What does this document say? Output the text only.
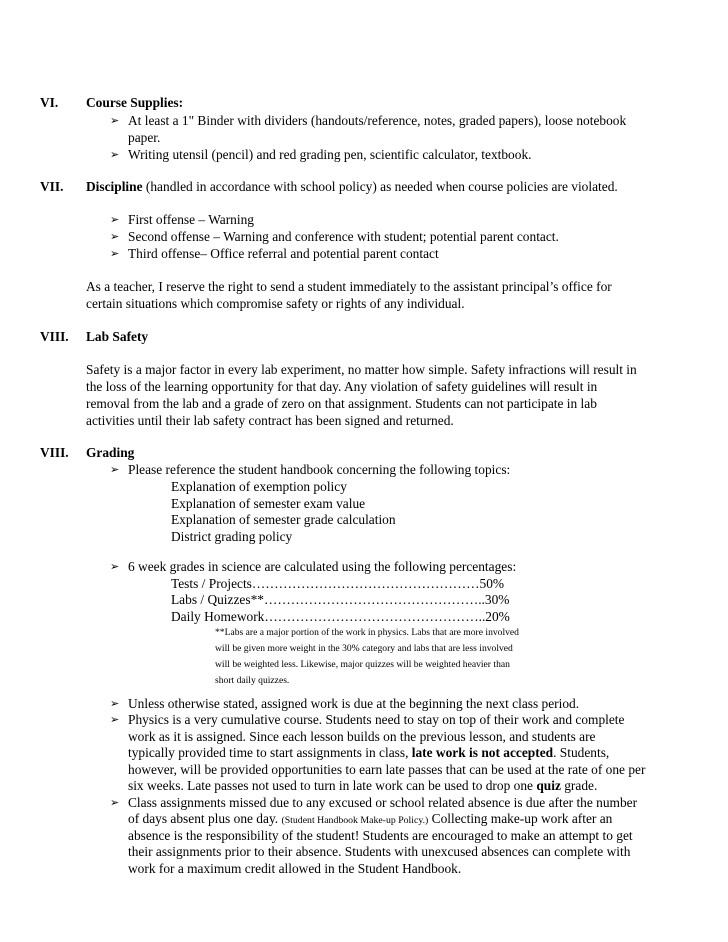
VI. Course Supplies:
➢ At least a 1" Binder with dividers (handouts/reference, notes, graded papers), loose notebook
paper.
➢ Writing utensil (pencil) and red grading pen, scientific calculator, textbook.
VII. Discipline (handled in accordance with school policy) as needed when course policies are violated.
➢ First offense – Warning
➢ Second offense – Warning and conference with student; potential parent contact.
➢ Third offense– Office referral and potential parent contact
As a teacher, I reserve the right to send a student immediately to the assistant principal’s office for
certain situations which compromise safety or rights of any individual.
VIII. Lab Safety
Safety is a major factor in every lab experiment, no matter how simple. Safety infractions will result in
the loss of the learning opportunity for that day. Any violation of safety guidelines will result in
removal from the lab and a grade of zero on that assignment. Students can not participate in lab
activities until their lab safety contract has been signed and returned.
VIII. Grading
➢ Please reference the student handbook concerning the following topics:
Explanation of exemption policy
Explanation of semester exam value
Explanation of semester grade calculation
District grading policy
➢ 6 week grades in science are calculated using the following percentages:
Tests / Projects……………………………………………50%
Labs / Quizzes**…………………………………………..30%
Daily Homework…………………………………………..20%
**Labs are a major portion of the work in physics. Labs that are more involved
will be given more weight in the 30% category and labs that are less involved
will be weighted less. Likewise, major quizzes will be weighted heavier than
short daily quizzes.
➢ Unless otherwise stated, assigned work is due at the beginning the next class period.
➢ Physics is a very cumulative course. Students need to stay on top of their work and complete
work as it is assigned. Since each lesson builds on the previous lesson, and students are
typically provided time to start assignments in class, late work is not accepted. Students,
however, will be provided opportunities to earn late passes that can be used at the rate of one per
six weeks. Late passes not used to turn in late work can be used to drop one quiz grade.
➢ Class assignments missed due to any excused or school related absence is due after the number
of days absent plus one day. (Student Handbook Make-up Policy.) Collecting make-up work after an
absence is the responsibility of the student! Students are encouraged to make an attempt to get
their assignments prior to their absence. Students with unexcused absences can complete with
work for a maximum credit allowed in the Student Handbook.
